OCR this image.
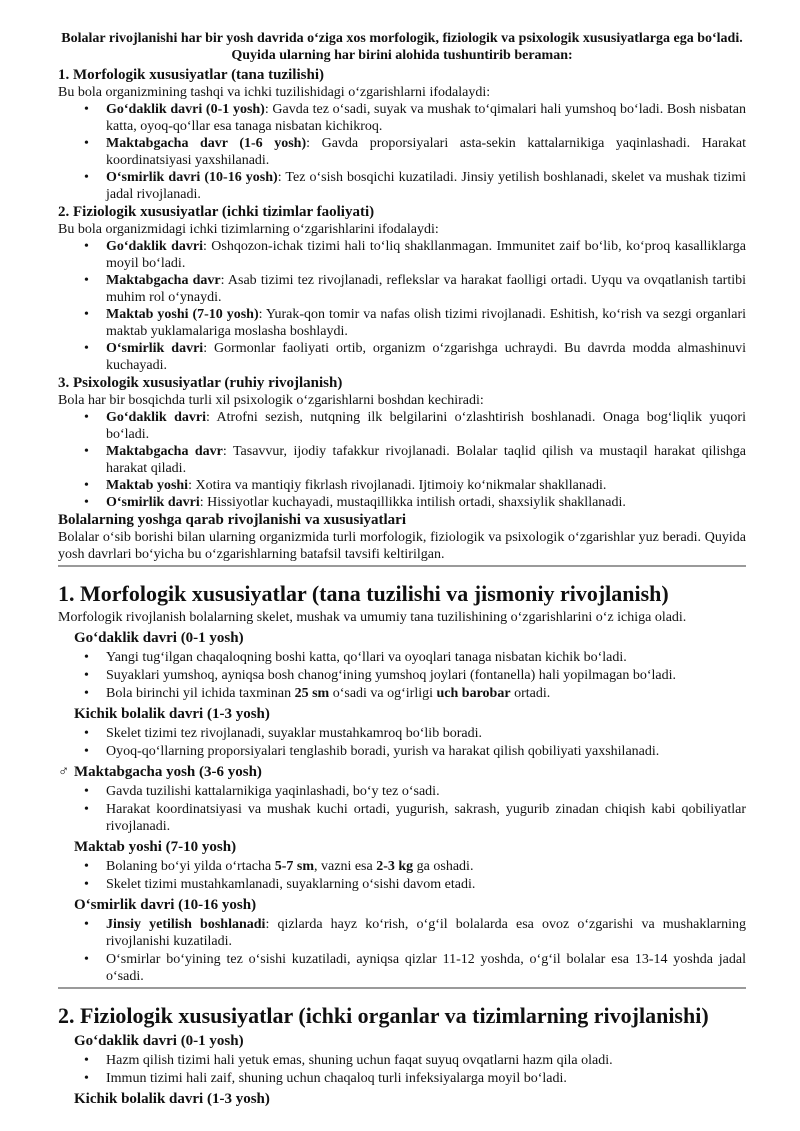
Bolalar rivojlanishi har bir yosh davrida o‘ziga xos morfologik, fiziologik va psixologik xususiyatlarga ega bo‘ladi. Quyida ularning har birini alohida tushuntirib beraman:

1. Morfologik xususiyatlar (tana tuzilishi)

Bu bola organizmining tashqi va ichki tuzilishidagi o‘zgarishlarni ifodalaydi:

• Go‘daklik davri (0-1 yosh): Gavda tez o‘sadi, suyak va mushak to‘qimalari hali yumshoq bo‘ladi. Bosh nisbatan katta, oyoq-qo‘llar esa tanaga nisbatan kichikroq.
• Maktabgacha davr (1-6 yosh): Gavda proporsiyalari asta-sekin kattalarnikiga yaqinlashadi. Harakat koordinatsiyasi yaxshilanadi.
• O‘smirlik davri (10-16 yosh): Tez o‘sish bosqichi kuzatiladi. Jinsiy yetilish boshlanadi, skelet va mushak tizimi jadal rivojlanadi.

2. Fiziologik xususiyatlar (ichki tizimlar faoliyati)

Bu bola organizmidagi ichki tizimlarning o‘zgarishlarini ifodalaydi:

• Go‘daklik davri: Oshqozon-ichak tizimi hali to‘liq shakllanmagan. Immunitet zaif bo‘lib, ko‘proq kasalliklarga moyil bo‘ladi.
• Maktabgacha davr: Asab tizimi tez rivojlanadi, reflekslar va harakat faolligi ortadi. Uyqu va ovqatlanish tartibi muhim rol o‘ynaydi.
• Maktab yoshi (7-10 yosh): Yurak-qon tomir va nafas olish tizimi rivojlanadi. Eshitish, ko‘rish va sezgi organlari maktab yuklamalariga moslasha boshlaydi.
• O‘smirlik davri: Gormonlar faoliyati ortib, organizm o‘zgarishga uchraydi. Bu davrda modda almashinuvi kuchayadi.

3. Psixologik xususiyatlar (ruhiy rivojlanish)

Bola har bir bosqichda turli xil psixologik o‘zgarishlarni boshdan kechiradi:

• Go‘daklik davri: Atrofni sezish, nutqning ilk belgilarini o‘zlashtirish boshlanadi. Onaga bog‘liqlik yuqori bo‘ladi.
• Maktabgacha davr: Tasavvur, ijodiy tafakkur rivojlanadi. Bolalar taqlid qilish va mustaqil harakat qilishga harakat qiladi.
• Maktab yoshi: Xotira va mantiqiy fikrlash rivojlanadi. Ijtimoiy ko‘nikmalar shakllanadi.
• O‘smirlik davri: Hissiyotlar kuchayadi, mustaqillikka intilish ortadi, shaxsiylik shakllanadi.

Bolalarning yoshga qarab rivojlanishi va xususiyatlari

Bolalar o‘sib borishi bilan ularning organizmida turli morfologik, fiziologik va psixologik o‘zgarishlar yuz beradi. Quyida yosh davrlari bo‘yicha bu o‘zgarishlarning batafsil tavsifi keltirilgan.

1. Morfologik xususiyatlar (tana tuzilishi va jismoniy rivojlanish)

Morfologik rivojlanish bolalarning skelet, mushak va umumiy tana tuzilishining o‘zgarishlarini o‘z ichiga oladi.

Go‘daklik davri (0-1 yosh)
• Yangi tug‘ilgan chaqaloqning boshi katta, qo‘llari va oyoqlari tanaga nisbatan kichik bo‘ladi.
• Suyaklari yumshoq, ayniqsa bosh chanog‘ining yumshoq joylari (fontanella) hali yopilmagan bo‘ladi.
• Bola birinchi yil ichida taxminan 25 sm o‘sadi va og‘irligi uch barobar ortadi.
Kichik bolalik davri (1-3 yosh)
• Skelet tizimi tez rivojlanadi, suyaklar mustahkamroq bo‘lib boradi.
• Oyoq-qo‘llarning proporsiyalari tenglashib boradi, yurish va harakat qilish qobiliyati yaxshilanadi.
♂ Maktabgacha yosh (3-6 yosh)
• Gavda tuzilishi kattalarnikiga yaqinlashadi, bo‘y tez o‘sadi.
• Harakat koordinatsiyasi va mushak kuchi ortadi, yugurish, sakrash, yugurib zinadan chiqish kabi qobiliyatlar rivojlanadi.
Maktab yoshi (7-10 yosh)
• Bolaning bo‘yi yilda o‘rtacha 5-7 sm, vazni esa 2-3 kg ga oshadi.
• Skelet tizimi mustahkamlanadi, suyaklarning o‘sishi davom etadi.
O‘smirlik davri (10-16 yosh)
• Jinsiy yetilish boshlanadi: qizlarda hayz ko‘rish, o‘g‘il bolalarda esa ovoz o‘zgarishi va mushaklarning rivojlanishi kuzatiladi.
• O‘smirlar bo‘yining tez o‘sishi kuzatiladi, ayniqsa qizlar 11-12 yoshda, o‘g‘il bolalar esa 13-14 yoshda jadal o‘sadi.
2. Fiziologik xususiyatlar (ichki organlar va tizimlarning rivojlanishi)
Go‘daklik davri (0-1 yosh)
• Hazm qilish tizimi hali yetuk emas, shuning uchun faqat suyuq ovqatlarni hazm qila oladi.
• Immun tizimi hali zaif, shuning uchun chaqaloq turli infeksiyalarga moyil bo‘ladi.
Kichik bolalik davri (1-3 yosh)
